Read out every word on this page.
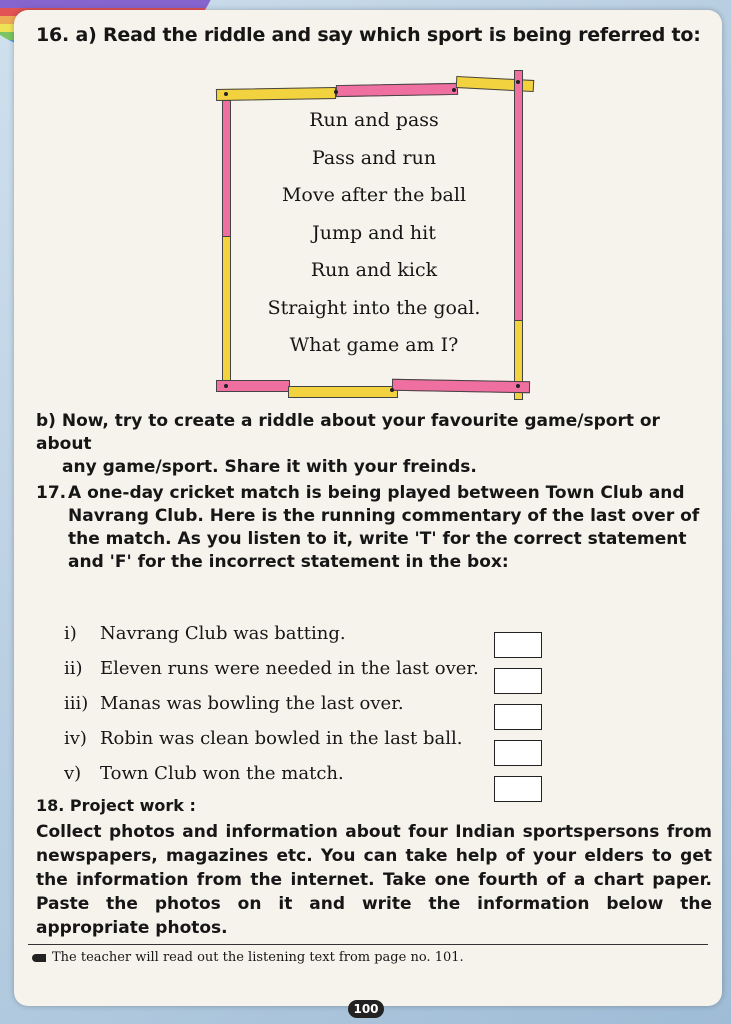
16. a) Read the riddle and say which sport is being referred to:
Run and pass
Pass and run
Move after the ball
Jump and hit
Run and kick
Straight into the goal.
What game am I?
b) Now, try to create a riddle about your favourite game/sport or about
any game/sport. Share it with your freinds.
17. A one-day cricket match is being played between Town Club and
Navrang Club. Here is the running commentary of the last over of the match. As you listen to it, write 'T' for the correct statement and 'F' for the incorrect statement in the box:
i) Navrang Club was batting.
ii) Eleven runs were needed in the last over.
iii) Manas was bowling the last over.
iv) Robin was clean bowled in the last ball.
v) Town Club won the match.
18. Project work :
Collect photos and information about four Indian sportspersons from newspapers, magazines etc. You can take help of your elders to get the information from the internet. Take one fourth of a chart paper. Paste the photos on it and write the information below the appropriate photos.
The teacher will read out the listening text from page no. 101.
100
